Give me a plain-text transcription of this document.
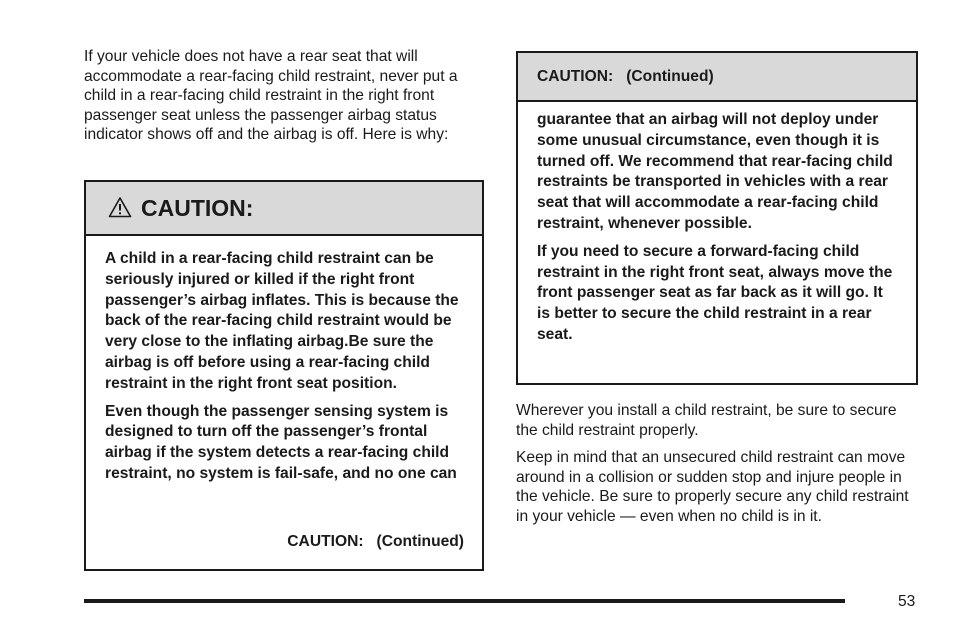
If your vehicle does not have a rear seat that will accommodate a rear-facing child restraint, never put a child in a rear-facing child restraint in the right front passenger seat unless the passenger airbag status indicator shows off and the airbag is off. Here is why:

CAUTION:

A child in a rear-facing child restraint can be seriously injured or killed if the right front passenger’s airbag inflates. This is because the back of the rear-facing child restraint would be very close to the inflating airbag.Be sure the airbag is off before using a rear-facing child restraint in the right front seat position.

Even though the passenger sensing system is designed to turn off the passenger’s frontal airbag if the system detects a rear-facing child restraint, no system is fail-safe, and no one can

CAUTION:   (Continued)
CAUTION:   (Continued)

guarantee that an airbag will not deploy under some unusual circumstance, even though it is turned off. We recommend that rear-facing child restraints be transported in vehicles with a rear seat that will accommodate a rear-facing child restraint, whenever possible.

If you need to secure a forward-facing child restraint in the right front seat, always move the front passenger seat as far back as it will go. It is better to secure the child restraint in a rear seat.

Wherever you install a child restraint, be sure to secure the child restraint properly.

Keep in mind that an unsecured child restraint can move around in a collision or sudden stop and injure people in the vehicle. Be sure to properly secure any child restraint in your vehicle — even when no child is in it.

53
